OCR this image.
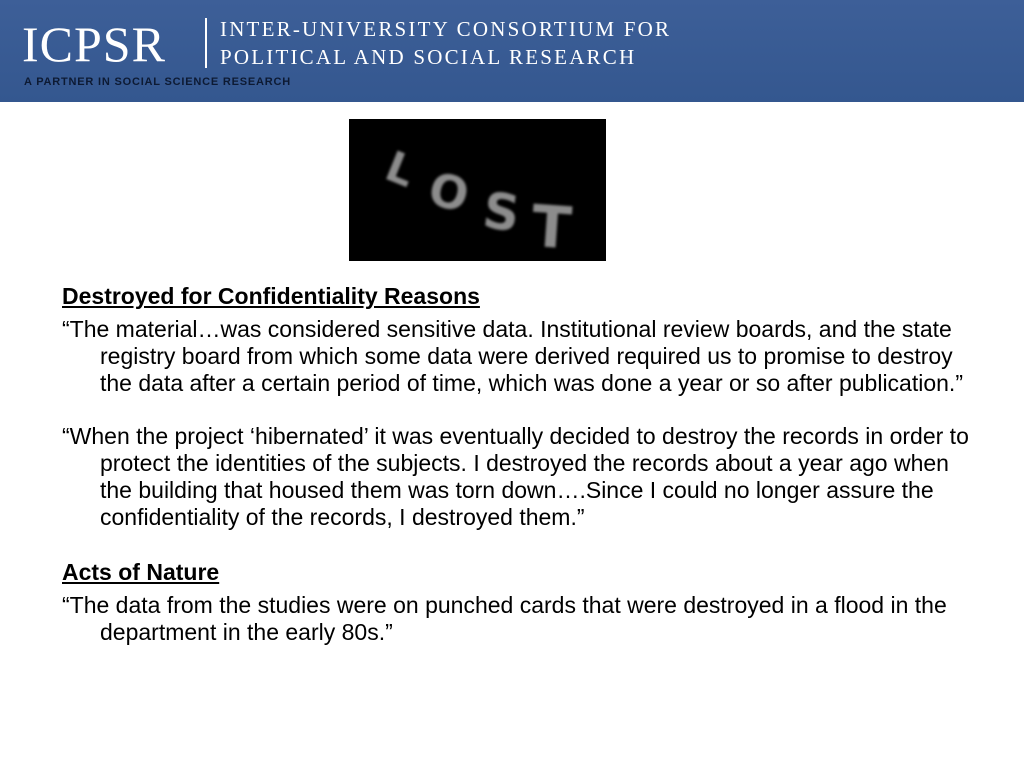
ICPSR	INTER-UNIVERSITY CONSORTIUM FOR
POLITICAL AND SOCIAL RESEARCH
A PARTNER IN SOCIAL SCIENCE RESEARCH
L O S T

Destroyed for Confidentiality Reasons

“The material…was considered sensitive data. Institutional review boards, and the state registry board from which some data were derived required us to promise to destroy the data after a certain period of time, which was done a year or so after publication.”

“When the project ‘hibernated’ it was eventually decided to destroy the records in order to protect the identities of the subjects. I destroyed the records about a year ago when the building that housed them was torn down….Since I could no longer assure the confidentiality of the records, I destroyed them.”

Acts of Nature

“The data from the studies were on punched cards that were destroyed in a flood in the department in the early 80s.”
